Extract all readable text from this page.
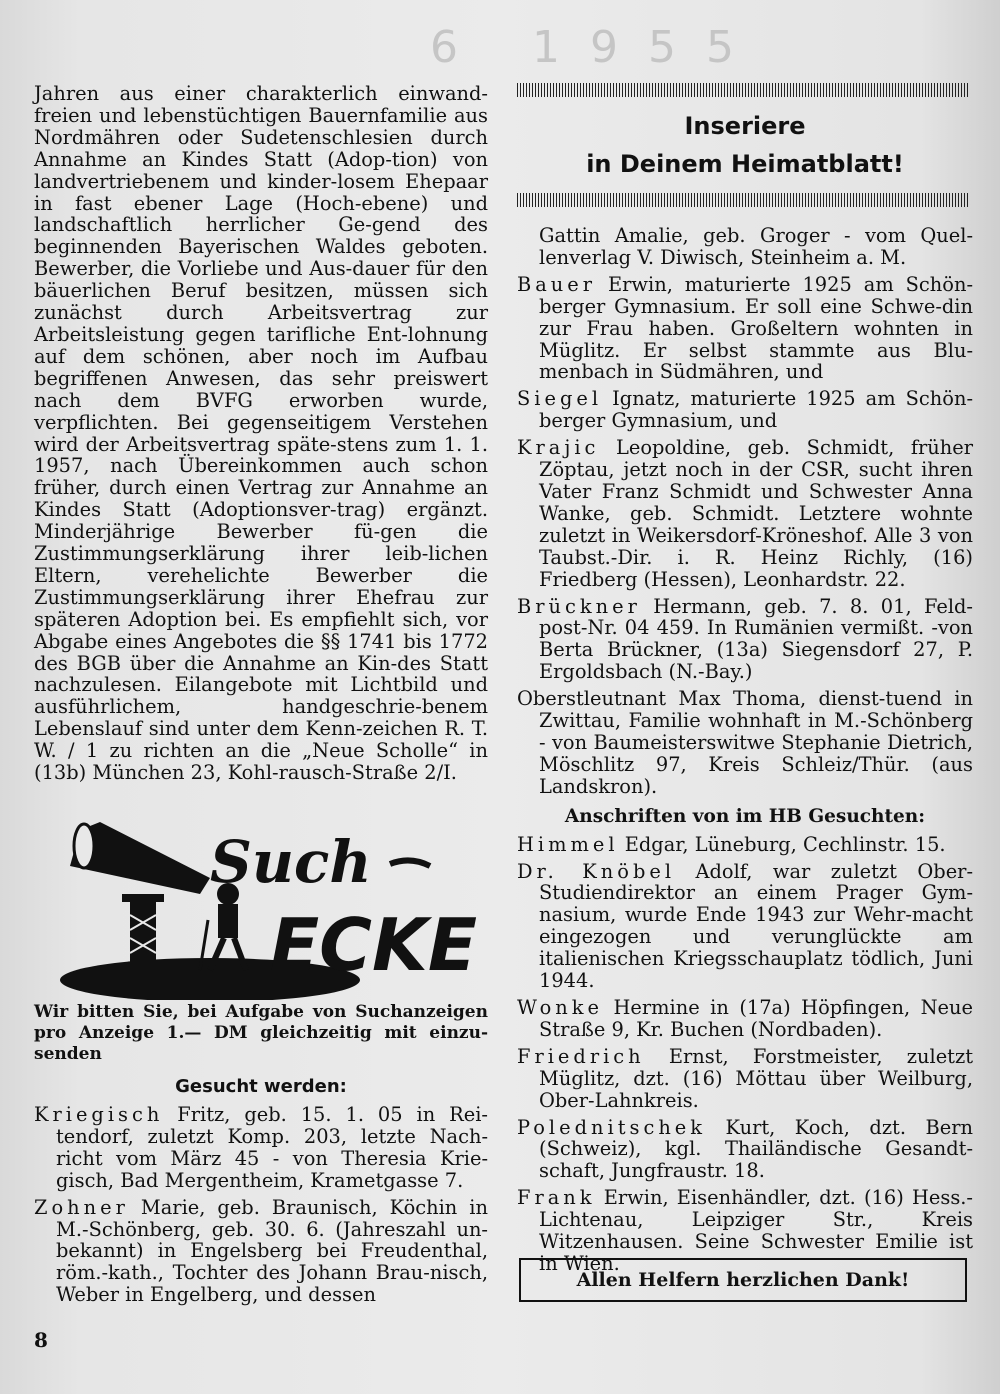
6 1955

Jahren aus einer charakterlich einwand-freien und lebenstüchtigen Bauernfamilie aus Nordmähren oder Sudetenschlesien durch Annahme an Kindes Statt (Adop-tion) von landvertriebenem und kinder-losem Ehepaar in fast ebener Lage (Hoch-ebene) und landschaftlich herrlicher Ge-gend des beginnenden Bayerischen Waldes geboten. Bewerber, die Vorliebe und Aus-dauer für den bäuerlichen Beruf besitzen, müssen sich zunächst durch Arbeitsvertrag zur Arbeitsleistung gegen tarifliche Ent-lohnung auf dem schönen, aber noch im Aufbau begriffenen Anwesen, das sehr preiswert nach dem BVFG erworben wurde, verpflichten. Bei gegenseitigem Verstehen wird der Arbeitsvertrag späte-stens zum 1. 1. 1957, nach Übereinkommen auch schon früher, durch einen Vertrag zur Annahme an Kindes Statt (Adoptionsver-trag) ergänzt. Minderjährige Bewerber fü-gen die Zustimmungserklärung ihrer leib-lichen Eltern, verehelichte Bewerber die Zustimmungserklärung ihrer Ehefrau zur späteren Adoption bei. Es empfiehlt sich, vor Abgabe eines Angebotes die §§ 1741 bis 1772 des BGB über die Annahme an Kin-des Statt nachzulesen. Eilangebote mit Lichtbild und ausführlichem, handgeschrie-benem Lebenslauf sind unter dem Kenn-zeichen R. T. W. / 1 zu richten an die „Neue Scholle“ in (13b) München 23, Kohl-rausch-Straße 2/I.

Such
ECKE
Wir bitten Sie, bei Aufgabe von Suchanzeigen pro Anzeige 1.— DM gleichzeitig mit einzu-senden
Gesucht werden:

Kriegisch Fritz, geb. 15. 1. 05 in Rei-tendorf, zuletzt Komp. 203, letzte Nach-richt vom März 45 - von Theresia Krie-gisch, Bad Mergentheim, Krametgasse 7.

Zohner Marie, geb. Braunisch, Köchin in M.-Schönberg, geb. 30. 6. (Jahreszahl un-bekannt) in Engelsberg bei Freudenthal, röm.-kath., Tochter des Johann Brau-nisch, Weber in Engelberg, und dessen

Inseriere
in Deinem Heimatblatt!

Gattin Amalie, geb. Groger - vom Quel-lenverlag V. Diwisch, Steinheim a. M.

Bauer Erwin, maturierte 1925 am Schön-berger Gymnasium. Er soll eine Schwe-din zur Frau haben. Großeltern wohnten in Müglitz. Er selbst stammte aus Blu-menbach in Südmähren, und

Siegel Ignatz, maturierte 1925 am Schön-berger Gymnasium, und

Krajic Leopoldine, geb. Schmidt, früher Zöptau, jetzt noch in der CSR, sucht ihren Vater Franz Schmidt und Schwester Anna Wanke, geb. Schmidt. Letztere wohnte zuletzt in Weikersdorf-Kröneshof. Alle 3 von Taubst.-Dir. i. R. Heinz Richly, (16) Friedberg (Hessen), Leonhardstr. 22.

Brückner Hermann, geb. 7. 8. 01, Feld-post-Nr. 04 459. In Rumänien vermißt. -von Berta Brückner, (13a) Siegensdorf 27, P. Ergoldsbach (N.-Bay.)

Oberstleutnant Max Thoma, dienst-tuend in Zwittau, Familie wohnhaft in M.-Schönberg - von Baumeisterswitwe Stephanie Dietrich, Möschlitz 97, Kreis Schleiz/Thür. (aus Landskron).

Anschriften von im HB Gesuchten:

Himmel Edgar, Lüneburg, Cechlinstr. 15.

Dr. Knöbel Adolf, war zuletzt Ober-Studiendirektor an einem Prager Gym-nasium, wurde Ende 1943 zur Wehr-macht eingezogen und verunglückte am italienischen Kriegsschauplatz tödlich, Juni 1944.

Wonke Hermine in (17a) Höpfingen, Neue Straße 9, Kr. Buchen (Nordbaden).

Friedrich Ernst, Forstmeister, zuletzt Müglitz, dzt. (16) Möttau über Weilburg, Ober-Lahnkreis.

Polednitschek Kurt, Koch, dzt. Bern (Schweiz), kgl. Thailändische Gesandt-schaft, Jungfraustr. 18.

Frank Erwin, Eisenhändler, dzt. (16) Hess.-Lichtenau, Leipziger Str., Kreis Witzenhausen. Seine Schwester Emilie ist in Wien.

Allen Helfern herzlichen Dank!
8
